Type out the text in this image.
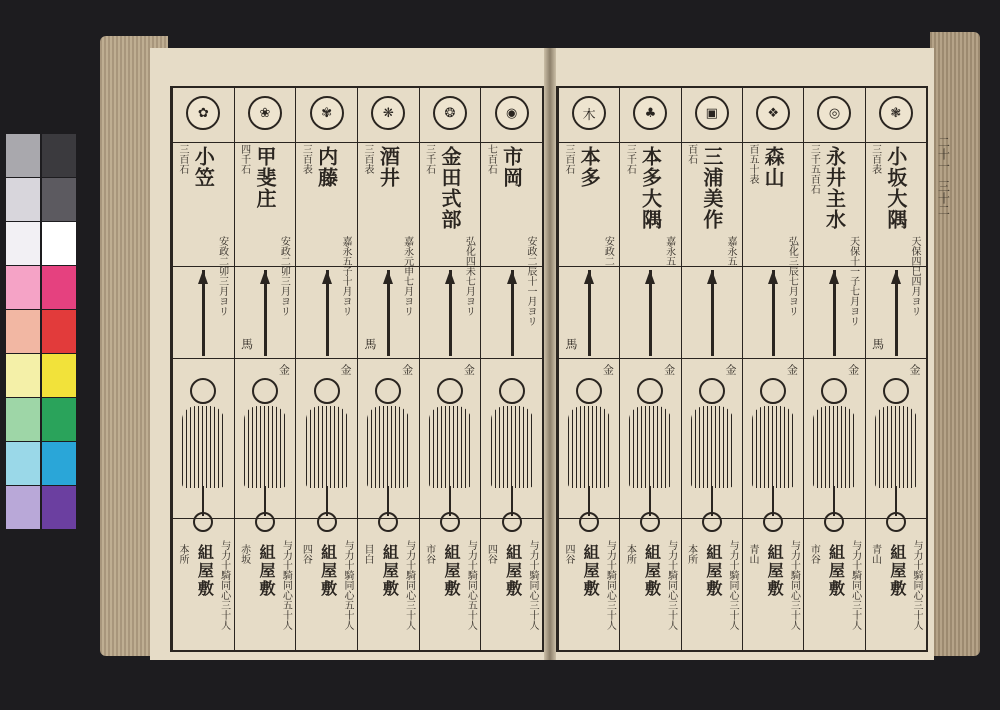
✿
小笠
三百石
安政二卯三月ヨリ
組屋敷 与力十騎同心三十人
本所
❀
甲斐庄
四千石
安政二卯三月ヨリ
馬
金
組屋敷 与力十騎同心五十人
赤坂
✾
内藤
三百表
嘉永五子十月ヨリ
金
組屋敷 与力十騎同心五十人
四谷
❋
酒井
三百表
嘉永元申七月ヨリ
馬
金
組屋敷 与力十騎同心三十人
目白
❂
金田式部
三千石
弘化四未七月ヨリ
金
組屋敷 与力十騎同心五十人
市谷
◉
市岡
七百石
安政二辰十一月ヨリ
組屋敷 与力十騎同心三十人
四谷
木
本多
三百石
安政二
馬
金
組屋敷 与力十騎同心三十人
四谷
♣
本多大隅
三千石
嘉永五
金
組屋敷 与力十騎同心三十人
本所
▣
三浦美作
百石
嘉永五
金
組屋敷 与力十騎同心三十人
本所
❖
森山
百五十表
弘化三辰七月ヨリ
金
組屋敷 与力十騎同心三十人
青山
◎
永井主水
三千五百石
天保十一子七月ヨリ
金
組屋敷 与力十騎同心三十人
市谷
❃
小坂大隅
三百表
天保四巳四月ヨリ
馬
金
組屋敷 与力十騎同心三十人
青山
二十一
三十二
